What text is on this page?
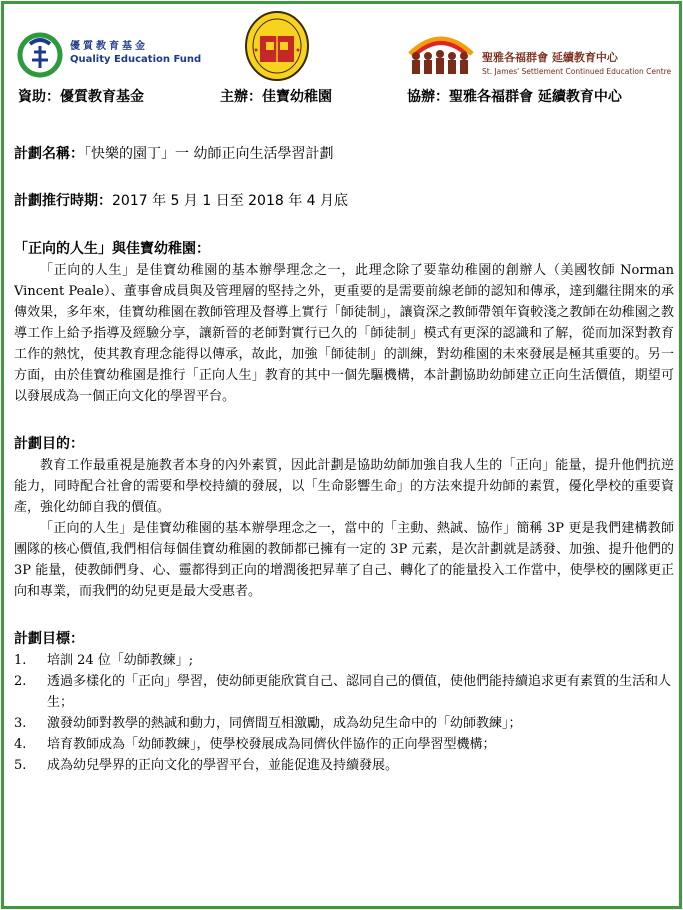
優質教育基金
Quality Education Fund
資助：優質教育基金	主辦：佳寶幼稚園
聖雅各福群會 延續教育中心
St. James' Settlement Continued Education Centre
協辦：聖雅各福群會 延續教育中心
計劃名稱：「快樂的園丁」一 幼師正向生活學習計劃
計劃推行時期：2017 年 5 月 1 日至 2018 年 4 月底
「正向的人生」與佳寶幼稚園：

「正向的人生」是佳寶幼稚園的基本辦學理念之一，此理念除了要靠幼稚園的創辦人（美國牧師 Norman Vincent Peale）、董事會成員與及管理層的堅持之外，更重要的是需要前線老師的認知和傳承，達到繼往開來的承傳效果，多年來，佳寶幼稚園在教師管理及督導上實行「師徒制」，讓資深之教師帶領年資較淺之教師在幼稚園之教導工作上給予指導及經驗分享，讓新晉的老師對實行已久的「師徒制」模式有更深的認識和了解，從而加深對教育工作的熱忱，使其教育理念能得以傳承，故此，加強「師徒制」的訓練，對幼稚園的未來發展是極其重要的。另一方面，由於佳寶幼稚園是推行「正向人生」教育的其中一個先驅機構，本計劃協助幼師建立正向生活價值，期望可以發展成為一個正向文化的學習平台。

計劃目的：

教育工作最重視是施教者本身的內外素質，因此計劃是協助幼師加強自我人生的「正向」能量，提升他們抗逆能力，同時配合社會的需要和學校持續的發展，以「生命影響生命」的方法來提升幼師的素質，優化學校的重要資產，強化幼師自我的價值。

「正向的人生」是佳寶幼稚園的基本辦學理念之一，當中的「主動、熱誠、協作」簡稱 3P 更是我們建構教師團隊的核心價值,我們相信每個佳寶幼稚園的教師都已擁有一定的 3P 元素，是次計劃就是誘發、加強、提升他們的 3P 能量，使教師們身、心、靈都得到正向的增潤後把昇華了自己、轉化了的能量投入工作當中，使學校的團隊更正向和專業，而我們的幼兒更是最大受惠者。

計劃目標：
1. 培訓 24 位「幼師教練」;
2. 透過多樣化的「正向」學習，使幼師更能欣賞自己、認同自己的價值，使他們能持續追求更有素質的生活和人生；
3. 激發幼師對教學的熱誠和動力，同儕間互相激勵，成為幼兒生命中的「幼師教練」；
4. 培育教師成為「幼師教練」，使學校發展成為同儕伙伴協作的正向學習型機構；
5. 成為幼兒學界的正向文化的學習平台，並能促進及持續發展。
